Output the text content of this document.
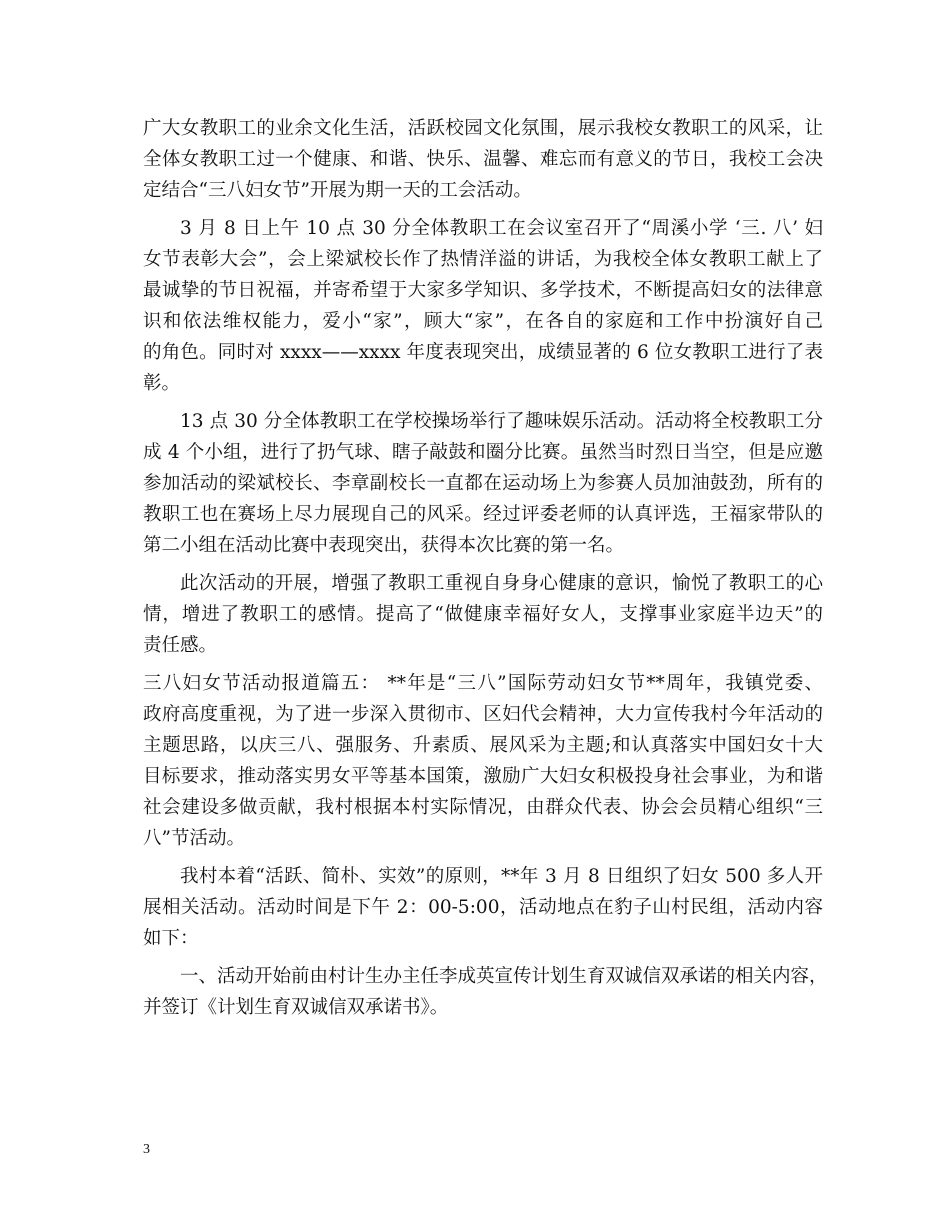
广大女教职工的业余文化生活，活跃校园文化氛围，展示我校女教职工的风采，让
全体女教职工过一个健康、和谐、快乐、温馨、难忘而有意义的节日，我校工会决
定结合“三八妇女节”开展为期一天的工会活动。
3 月 8 日上午 10 点 30 分全体教职工在会议室召开了“周溪小学 ‘三. 八’ 妇
女节表彰大会”，会上梁斌校长作了热情洋溢的讲话，为我校全体女教职工献上了
最诚挚的节日祝福，并寄希望于大家多学知识、多学技术，不断提高妇女的法律意
识和依法维权能力，爱小“家”，顾大“家”，在各自的家庭和工作中扮演好自己
的角色。同时对 xxxx——xxxx 年度表现突出，成绩显著的 6 位女教职工进行了表
彰。
13 点 30 分全体教职工在学校操场举行了趣味娱乐活动。活动将全校教职工分
成 4 个小组，进行了扔气球、瞎子敲鼓和圈分比赛。虽然当时烈日当空，但是应邀
参加活动的梁斌校长、李章副校长一直都在运动场上为参赛人员加油鼓劲，所有的
教职工也在赛场上尽力展现自己的风采。经过评委老师的认真评选，王福家带队的
第二小组在活动比赛中表现突出，获得本次比赛的第一名。
此次活动的开展，增强了教职工重视自身身心健康的意识，愉悦了教职工的心
情，增进了教职工的感情。提高了“做健康幸福好女人，支撑事业家庭半边天”的
责任感。
三八妇女节活动报道篇五： **年是“三八”国际劳动妇女节**周年，我镇党委、
政府高度重视，为了进一步深入贯彻市、区妇代会精神，大力宣传我村今年活动的
主题思路，以庆三八、强服务、升素质、展风采为主题;和认真落实中国妇女十大
目标要求，推动落实男女平等基本国策，激励广大妇女积极投身社会事业，为和谐
社会建设多做贡献，我村根据本村实际情况，由群众代表、协会会员精心组织“三
八”节活动。
我村本着“活跃、简朴、实效”的原则，**年 3 月 8 日组织了妇女 500 多人开
展相关活动。活动时间是下午 2：00-5:00，活动地点在豹子山村民组，活动内容
如下：
一、活动开始前由村计生办主任李成英宣传计划生育双诚信双承诺的相关内容，
并签订《计划生育双诚信双承诺书》。
3
